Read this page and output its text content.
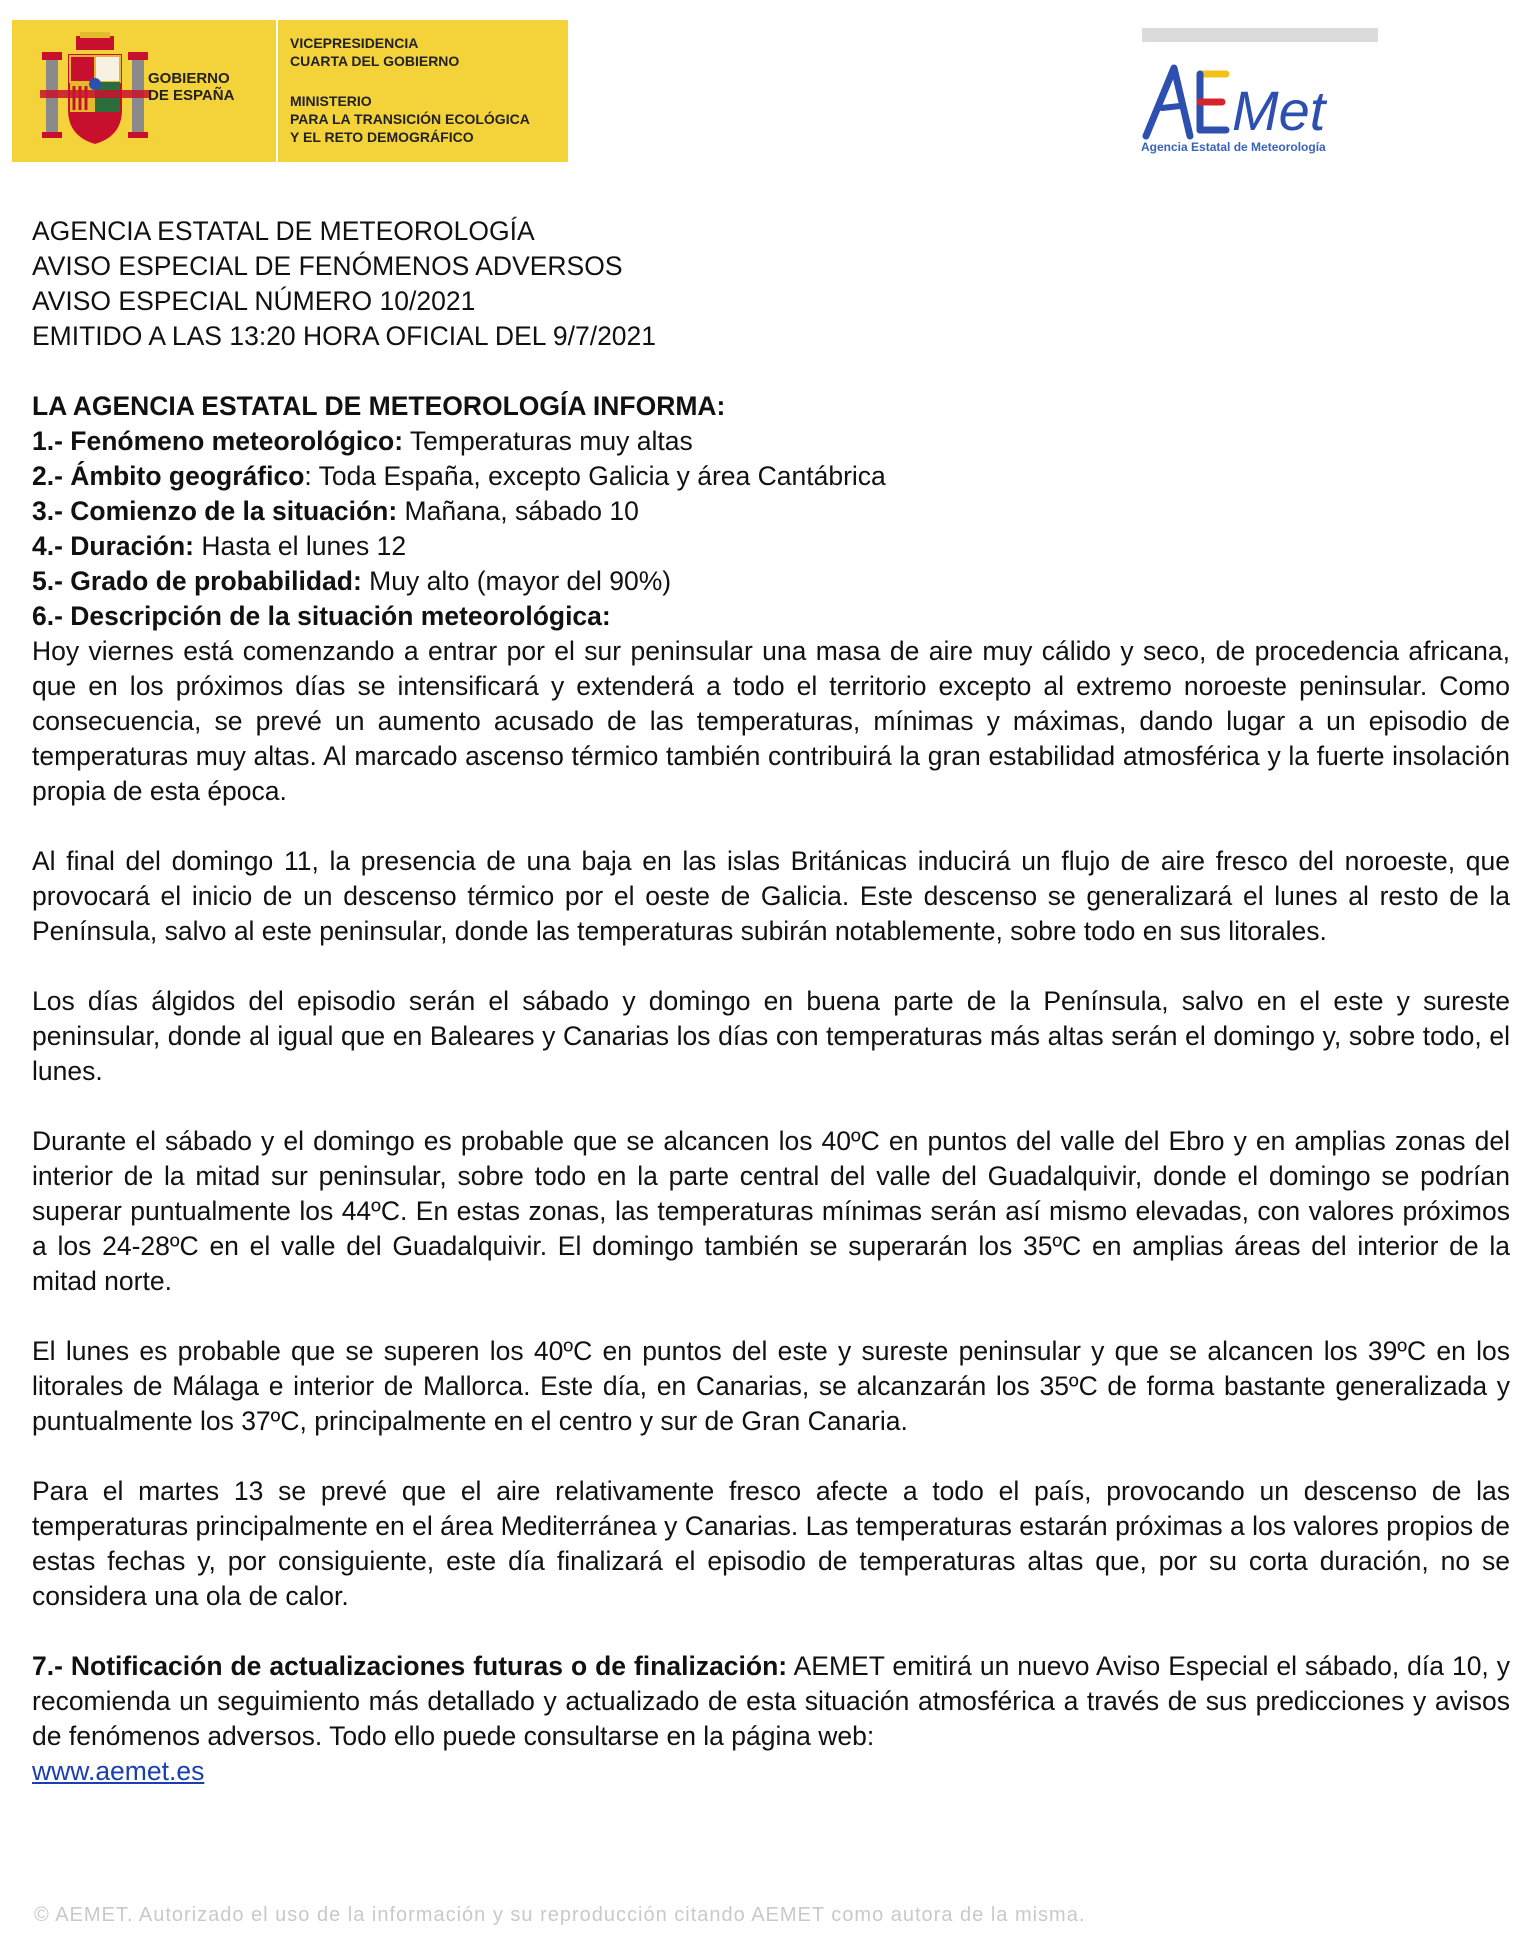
GOBIERNO
DE ESPAÑA
VICEPRESIDENCIA
CUARTA DEL GOBIERNO
MINISTERIO
PARA LA TRANSICIÓN ECOLÓGICA
Y EL RETO DEMOGRÁFICO	Met
Agencia Estatal de Meteorología
AGENCIA ESTATAL DE METEOROLOGÍA
AVISO ESPECIAL DE FENÓMENOS ADVERSOS
AVISO ESPECIAL NÚMERO 10/2021
EMITIDO A LAS 13:20 HORA OFICIAL DEL 9/7/2021
LA AGENCIA ESTATAL DE METEOROLOGÍA INFORMA:
1.- Fenómeno meteorológico: Temperaturas muy altas
2.- Ámbito geográfico: Toda España, excepto Galicia y área Cantábrica
3.- Comienzo de la situación: Mañana, sábado 10
4.- Duración: Hasta el lunes 12
5.- Grado de probabilidad: Muy alto (mayor del 90%)
6.- Descripción de la situación meteorológica:
Hoy viernes está comenzando a entrar por el sur peninsular una masa de aire muy cálido y seco, de procedencia africana, que en los próximos días se intensificará y extenderá a todo el territorio excepto al extremo noroeste peninsular. Como consecuencia, se prevé un aumento acusado de las temperaturas, mínimas y máximas, dando lugar a un episodio de temperaturas muy altas. Al marcado ascenso térmico también contribuirá la gran estabilidad atmosférica y la fuerte insolación propia de esta época.
Al final del domingo 11, la presencia de una baja en las islas Británicas inducirá un flujo de aire fresco del noroeste, que provocará el inicio de un descenso térmico por el oeste de Galicia. Este descenso se generalizará el lunes al resto de la Península, salvo al este peninsular, donde las temperaturas subirán notablemente, sobre todo en sus litorales.
Los días álgidos del episodio serán el sábado y domingo en buena parte de la Península, salvo en el este y sureste peninsular, donde al igual que en Baleares y Canarias los días con temperaturas más altas serán el domingo y, sobre todo, el lunes.
Durante el sábado y el domingo es probable que se alcancen los 40ºC en puntos del valle del Ebro y en amplias zonas del interior de la mitad sur peninsular, sobre todo en la parte central del valle del Guadalquivir, donde el domingo se podrían superar puntualmente los 44ºC. En estas zonas, las temperaturas mínimas serán así mismo elevadas, con valores próximos a los 24-28ºC en el valle del Guadalquivir. El domingo también se superarán los 35ºC en amplias áreas del interior de la mitad norte.
El lunes es probable que se superen los 40ºC en puntos del este y sureste peninsular y que se alcancen los 39ºC en los litorales de Málaga e interior de Mallorca. Este día, en Canarias, se alcanzarán los 35ºC de forma bastante generalizada y puntualmente los 37ºC, principalmente en el centro y sur de Gran Canaria.
Para el martes 13 se prevé que el aire relativamente fresco afecte a todo el país, provocando un descenso de las temperaturas principalmente en el área Mediterránea y Canarias. Las temperaturas estarán próximas a los valores propios de estas fechas y, por consiguiente, este día finalizará el episodio de temperaturas altas que, por su corta duración, no se considera una ola de calor.
7.- Notificación de actualizaciones futuras o de finalización: AEMET emitirá un nuevo Aviso Especial el sábado, día 10, y recomienda un seguimiento más detallado y actualizado de esta situación atmosférica a través de sus predicciones y avisos de fenómenos adversos. Todo ello puede consultarse en la página web:
www.aemet.es
© AEMET. Autorizado el uso de la información y su reproducción citando AEMET como autora de la misma.
